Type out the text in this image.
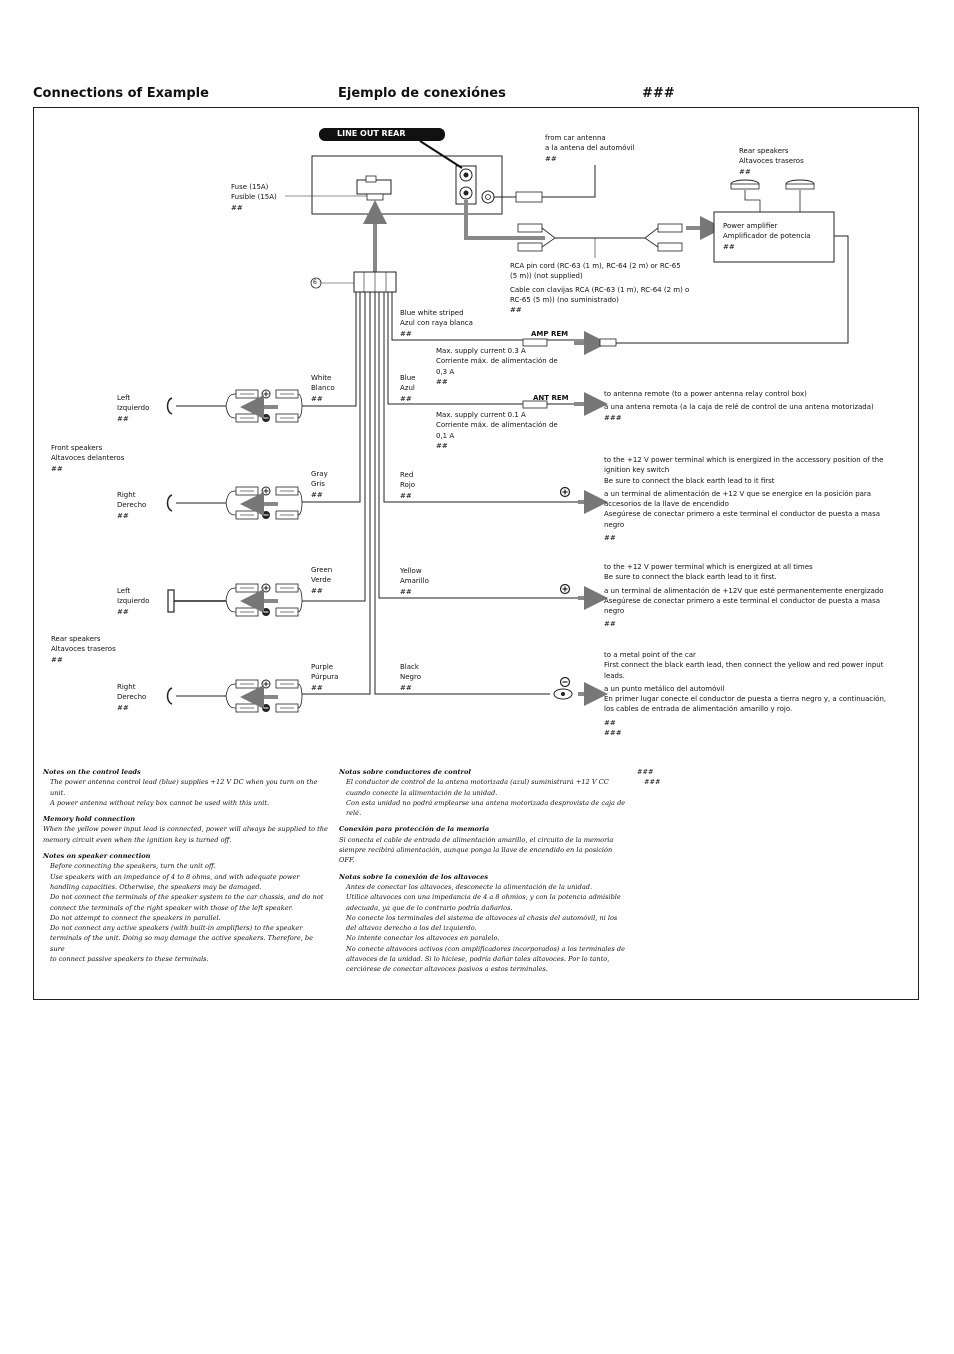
Connections of Example	Ejemplo de conexiónes	###
LINE OUT REAR
Fuse (15A)
Fusible (15A)
##
6
from car antenna
a la antena del automóvil
##
Rear speakers
Altavoces traseros
##
Power amplifier
Amplificador de potencia
##
RCA pin cord (RC-63 (1 m), RC-64 (2 m) or RC-65
(5 m)) (not supplied)
Cable con clavijas RCA (RC-63 (1 m), RC-64 (2 m) o
RC-65 (5 m)) (no suministrado)
##
Blue white striped
Azul con raya blanca
##	AMP REM
Max. supply current 0.3 A
Corriente máx. de alimentación de
0,3 A
##
Blue
Azul
##	ANT REM
Max. supply current 0.1 A
Corriente máx. de alimentación de
0,1 A
##
to antenna remote (to a power antenna relay control box)
a una antena remota (a la caja de relé de control de una antena motorizada)
###
Red
Rojo
##
to the +12 V power terminal which is energized in the accessory position of the
ignition key switch
Be sure to connect the black earth lead to it first
a un terminal de alimentación de +12 V que se energice en la posición para
accesorios de la llave de encendido
Asegúrese de conectar primero a este terminal el conductor de puesta a masa
negro
##
Yellow
Amarillo
##
to the +12 V power terminal which is energized at all times
Be sure to connect the black earth lead to it first.
a un terminal de alimentación de +12V que esté permanentemente energizado
Asegúrese de conectar primero a este terminal el conductor de puesta a masa
negro
##
Black
Negro
##
to a metal point of the car
First connect the black earth lead, then connect the yellow and red power input
leads.
a un punto metálico del automóvil
En primer lugar conecte el conductor de puesta a tierra negro y, a continuación,
los cables de entrada de alimentación amarillo y rojo.
##
###
White
Blanco
##
Gray
Gris
##
Green
Verde
##
Purple
Púrpura
##
Left
Izquierdo
##
Front speakers
Altavoces delanteros
##
Right
Derecho
##
Left
Izquierdo
##
Rear speakers
Altavoces traseros
##
Right
Derecho
##
Notes on the control leads
The power antenna control lead (blue) supplies +12 V DC when you turn on the
unit.
A power antenna without relay box cannot be used with this unit.
Memory hold connection
When the yellow power input lead is connected, power will always be supplied to the
memory circuit even when the ignition key is turned off.
Notes on speaker connection
Before connecting the speakers, turn the unit off.
Use speakers with an impedance of 4 to 8 ohms, and with adequate power
handling capacities. Otherwise, the speakers may be damaged.
Do not connect the terminals of the speaker system to the car chassis, and do not
connect the terminals of the right speaker with those of the left speaker.
Do not attempt to connect the speakers in parallel.
Do not connect any active speakers (with built-in amplifiers) to the speaker
terminals of the unit. Doing so may damage the active speakers. Therefore, be sure
to connect passive speakers to these terminals.
Notas sobre conductores de control
El conductor de control de la antena motorizada (azul) suministrará +12 V CC
cuando conecte la alimentación de la unidad.
Con esta unidad no podrá emplearse una antena motorizada desprovista de caja de
relé.
Conexión para protección de la memoria
Si conecta el cable de entrada de alimentación amarillo, el circuito de la memoria
siempre recibirá alimentación, aunque ponga la llave de encendido en la posición
OFF.
Notas sobre la conexión de los altavoces
Antes de conectar los altavoces, desconecte la alimentación de la unidad.
Utilice altavoces con una impedancia de 4 a 8 ohmios, y con la potencia admisible
adecuada, ya que de lo contrario podría dañarlos.
No conecte los terminales del sistema de altavoces al chasis del automóvil, ni los
del altavoz derecho a los del izquierdo.
No intente conectar los altavoces en paralelo.
No conecte altavoces activos (con amplificadores incorporados) a los terminales de
altavoces de la unidad. Si lo hiciese, podría dañar tales altavoces. Por lo tanto,
cerciórese de conectar altavoces pasivos a estos terminales.
###
###
